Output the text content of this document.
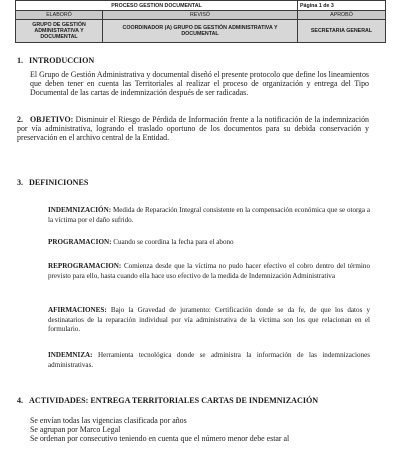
PROCESO GESTION DOCUMENTAL		Página 1 de 3
ELABORÓ	REVISÓ	APROBÓ
GRUPO DE GESTIÓN ADMINISTRATIVA Y DOCUMENTAL	COORDINADOR (A) GRUPO DE GESTIÓN ADMINISTRATIVA Y DOCUMENTAL	SECRETARIA GENERAL
1. INTRODUCCION
El Grupo de Gestión Administrativa y documental diseñó el presente protocolo que define los lineamientos que deben tener en cuenta las Territoriales al realizar el proceso de organización y entrega del Tipo Documental de las cartas de indemnización después de ser radicadas.
2. OBJETIVO: Disminuir el Riesgo de Pérdida de Información frente a la notificación de la indemnización por vía administrativa, logrando el traslado oportuno de los documentos para su debida conservación y preservación en el archivo central de la Entidad.
3. DEFINICIONES
INDEMNIZACIÓN: Medida de Reparación Integral consistente en la compensación económica que se otorga a la víctima por el daño sufrido.
PROGRAMACION: Cuando se coordina la fecha para el abono
REPROGRAMACION: Comienza desde que la víctima no pudo hacer efectivo el cobro dentro del término previsto para ello, hasta cuando ella hace uso efectivo de la medida de Indemnización Administrativa
AFIRMACIONES: Bajo la Gravedad de juramento: Certificación donde se da fe, de que los datos y destinatarios de la reparación individual por vía administrativa de la víctima son los que relacionan en el formulario.
INDEMNIZA: Herramienta tecnológica donde se administra la información de las indemnizaciones administrativas.
4. ACTIVIDADES: ENTREGA TERRITORIALES CARTAS DE INDEMNIZACIÓN
Se envían todas las vigencias clasificada por años
Se agrupan por Marco Legal
Se ordenan por consecutivo teniendo en cuenta que el número menor debe estar al
